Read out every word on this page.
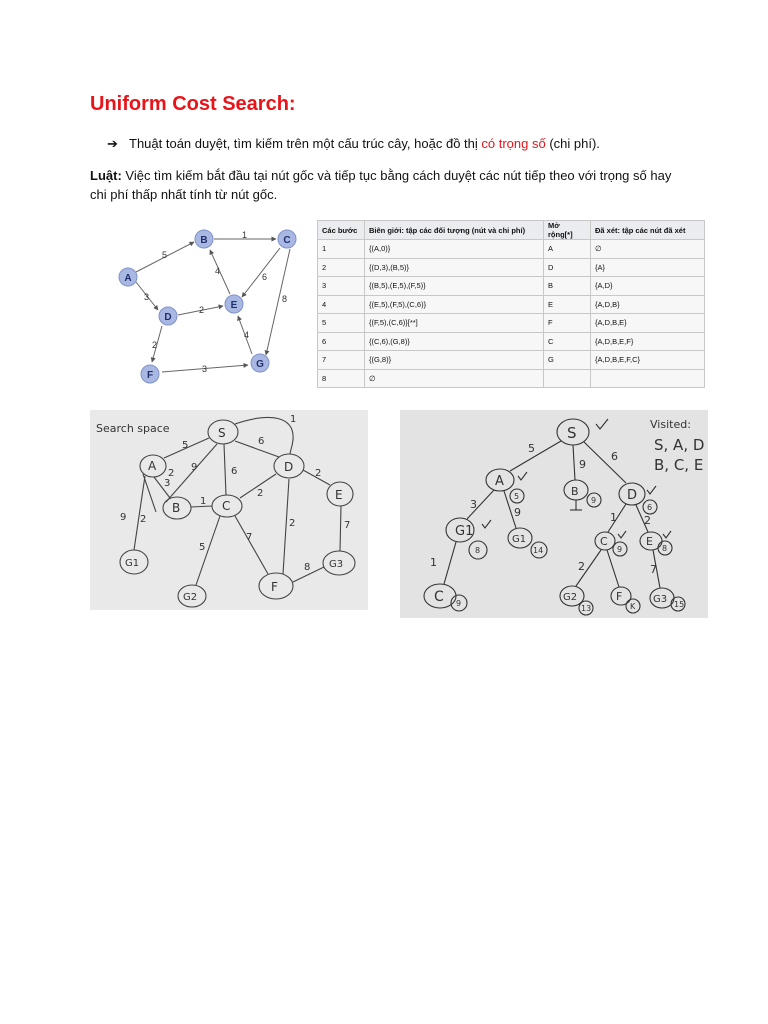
Uniform Cost Search:
➔ Thuật toán duyệt, tìm kiếm trên một cấu trúc cây, hoặc đồ thị có trọng số (chi phí).
Luật: Việc tìm kiếm bắt đầu tại nút gốc và tiếp tục bằng cách duyệt các nút tiếp theo với trọng số hay chi phí thấp nhất tính từ nút gốc.
5
1
3
2
4
6
8
2
4
3
A
B	C
D
E
F
G
Các bước	Biên giới: tập các đối tượng (nút và chi phí)	Mở rộng[*]	Đã xét: tập các nút đã xét
1	{(A,0)}	A	∅
2	{(D,3),(B,5)}	D	{A}
3	{(B,5),(E,5),(F,5)}	B	{A,D}
4	{(E,5),(F,5),(C,6)}	E	{A,D,B}
5	{(F,5),(C,6)}[**]	F	{A,D,B,E}
6	{(C,6),(G,8)}	C	{A,D,B,E,F}
7	{(G,8)}	G	{A,D,B,E,F,C}
8	∅		
Search space	S
A
B	C
D
E
F
G1
G2
G3
5	6
1
9
3
6
1
2
2
2
5
7
2
8
7
9
2
S
A
B	D
G1
G1	C	E
C	G2	F	G3
5	9
6
8	14	9	8
9
13	K	15
5
9
6
3
9	1 2
2
1
7
Visited:
S, A, D
B, C, E
